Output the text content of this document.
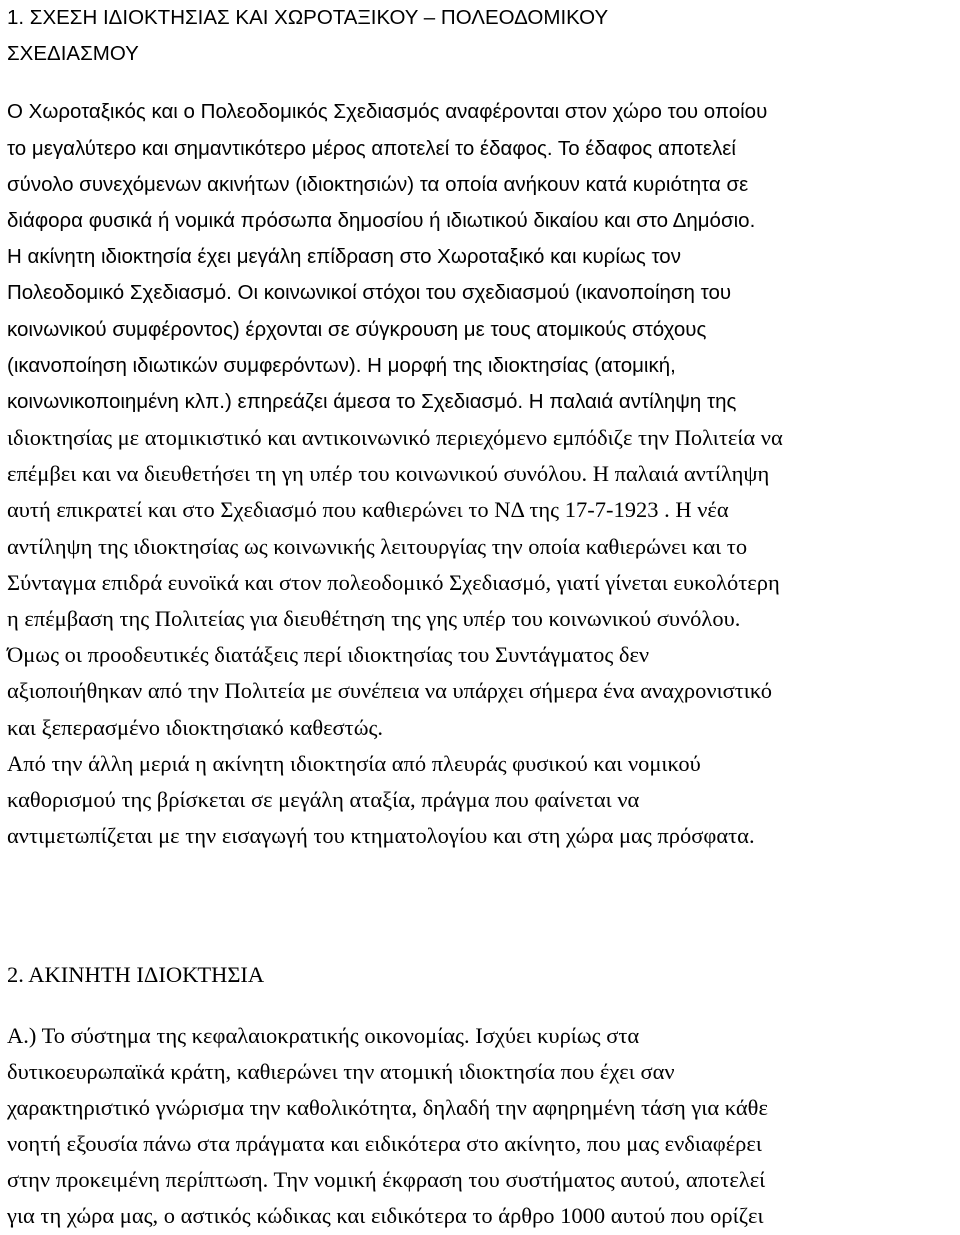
1. ΣΧΕΣΗ ΙΔΙΟΚΤΗΣΙΑΣ ΚΑΙ ΧΩΡΟΤΑΞΙΚΟΥ – ΠΟΛΕΟΔΟΜΙΚΟΥ
ΣΧΕΔΙΑΣΜΟΥ
Ο Χωροταξικός και ο Πολεοδομικός Σχεδιασμός αναφέρονται στον χώρο του οποίου
το μεγαλύτερο και σημαντικότερο μέρος αποτελεί το έδαφος. Το έδαφος αποτελεί
σύνολο συνεχόμενων ακινήτων (ιδιοκτησιών) τα οποία ανήκουν κατά κυριότητα σε
διάφορα φυσικά ή νομικά πρόσωπα δημοσίου ή ιδιωτικού δικαίου και στο Δημόσιο.
Η ακίνητη ιδιοκτησία έχει μεγάλη επίδραση στο Χωροταξικό και κυρίως τον
Πολεοδομικό Σχεδιασμό. Οι κοινωνικοί στόχοι του σχεδιασμού (ικανοποίηση του
κοινωνικού συμφέροντος) έρχονται σε σύγκρουση με τους ατομικούς στόχους
(ικανοποίηση ιδιωτικών συμφερόντων). Η μορφή της ιδιοκτησίας (ατομική,
κοινωνικοποιημένη κλπ.) επηρεάζει άμεσα το Σχεδιασμό. Η παλαιά αντίληψη της
ιδιοκτησίας με ατομικιστικό και αντικοινωνικό περιεχόμενο εμπόδιζε την Πολιτεία να
επέμβει και να διευθετήσει τη γη υπέρ του κοινωνικού συνόλου. Η παλαιά αντίληψη
αυτή επικρατεί και στο Σχεδιασμό που καθιερώνει το ΝΔ της 17-7-1923 . Η νέα
αντίληψη της ιδιοκτησίας ως κοινωνικής λειτουργίας την οποία καθιερώνει και το
Σύνταγμα επιδρά ευνοϊκά και στον πολεοδομικό Σχεδιασμό, γιατί γίνεται ευκολότερη
η επέμβαση της Πολιτείας για διευθέτηση της γης υπέρ του κοινωνικού συνόλου.
Όμως οι προοδευτικές διατάξεις περί ιδιοκτησίας του Συντάγματος δεν
αξιοποιήθηκαν από την Πολιτεία με συνέπεια να υπάρχει σήμερα ένα αναχρονιστικό
και ξεπερασμένο ιδιοκτησιακό καθεστώς.
Από την άλλη μεριά η ακίνητη ιδιοκτησία από πλευράς φυσικού και νομικού
καθορισμού της βρίσκεται σε μεγάλη αταξία, πράγμα που φαίνεται να
αντιμετωπίζεται με την εισαγωγή του κτηματολογίου και στη χώρα μας πρόσφατα.
2. ΑΚΙΝΗΤΗ ΙΔΙΟΚΤΗΣΙΑ
Α.) Το σύστημα της κεφαλαιοκρατικής οικονομίας. Ισχύει κυρίως στα
δυτικοευρωπαϊκά κράτη, καθιερώνει την ατομική ιδιοκτησία που έχει σαν
χαρακτηριστικό γνώρισμα την καθολικότητα, δηλαδή την αφηρημένη τάση για κάθε
νοητή εξουσία πάνω στα πράγματα και ειδικότερα στο ακίνητο, που μας ενδιαφέρει
στην προκειμένη περίπτωση. Την νομική έκφραση του συστήματος αυτού, αποτελεί
για τη χώρα μας, ο αστικός κώδικας και ειδικότερα το άρθρο 1000 αυτού που ορίζει
